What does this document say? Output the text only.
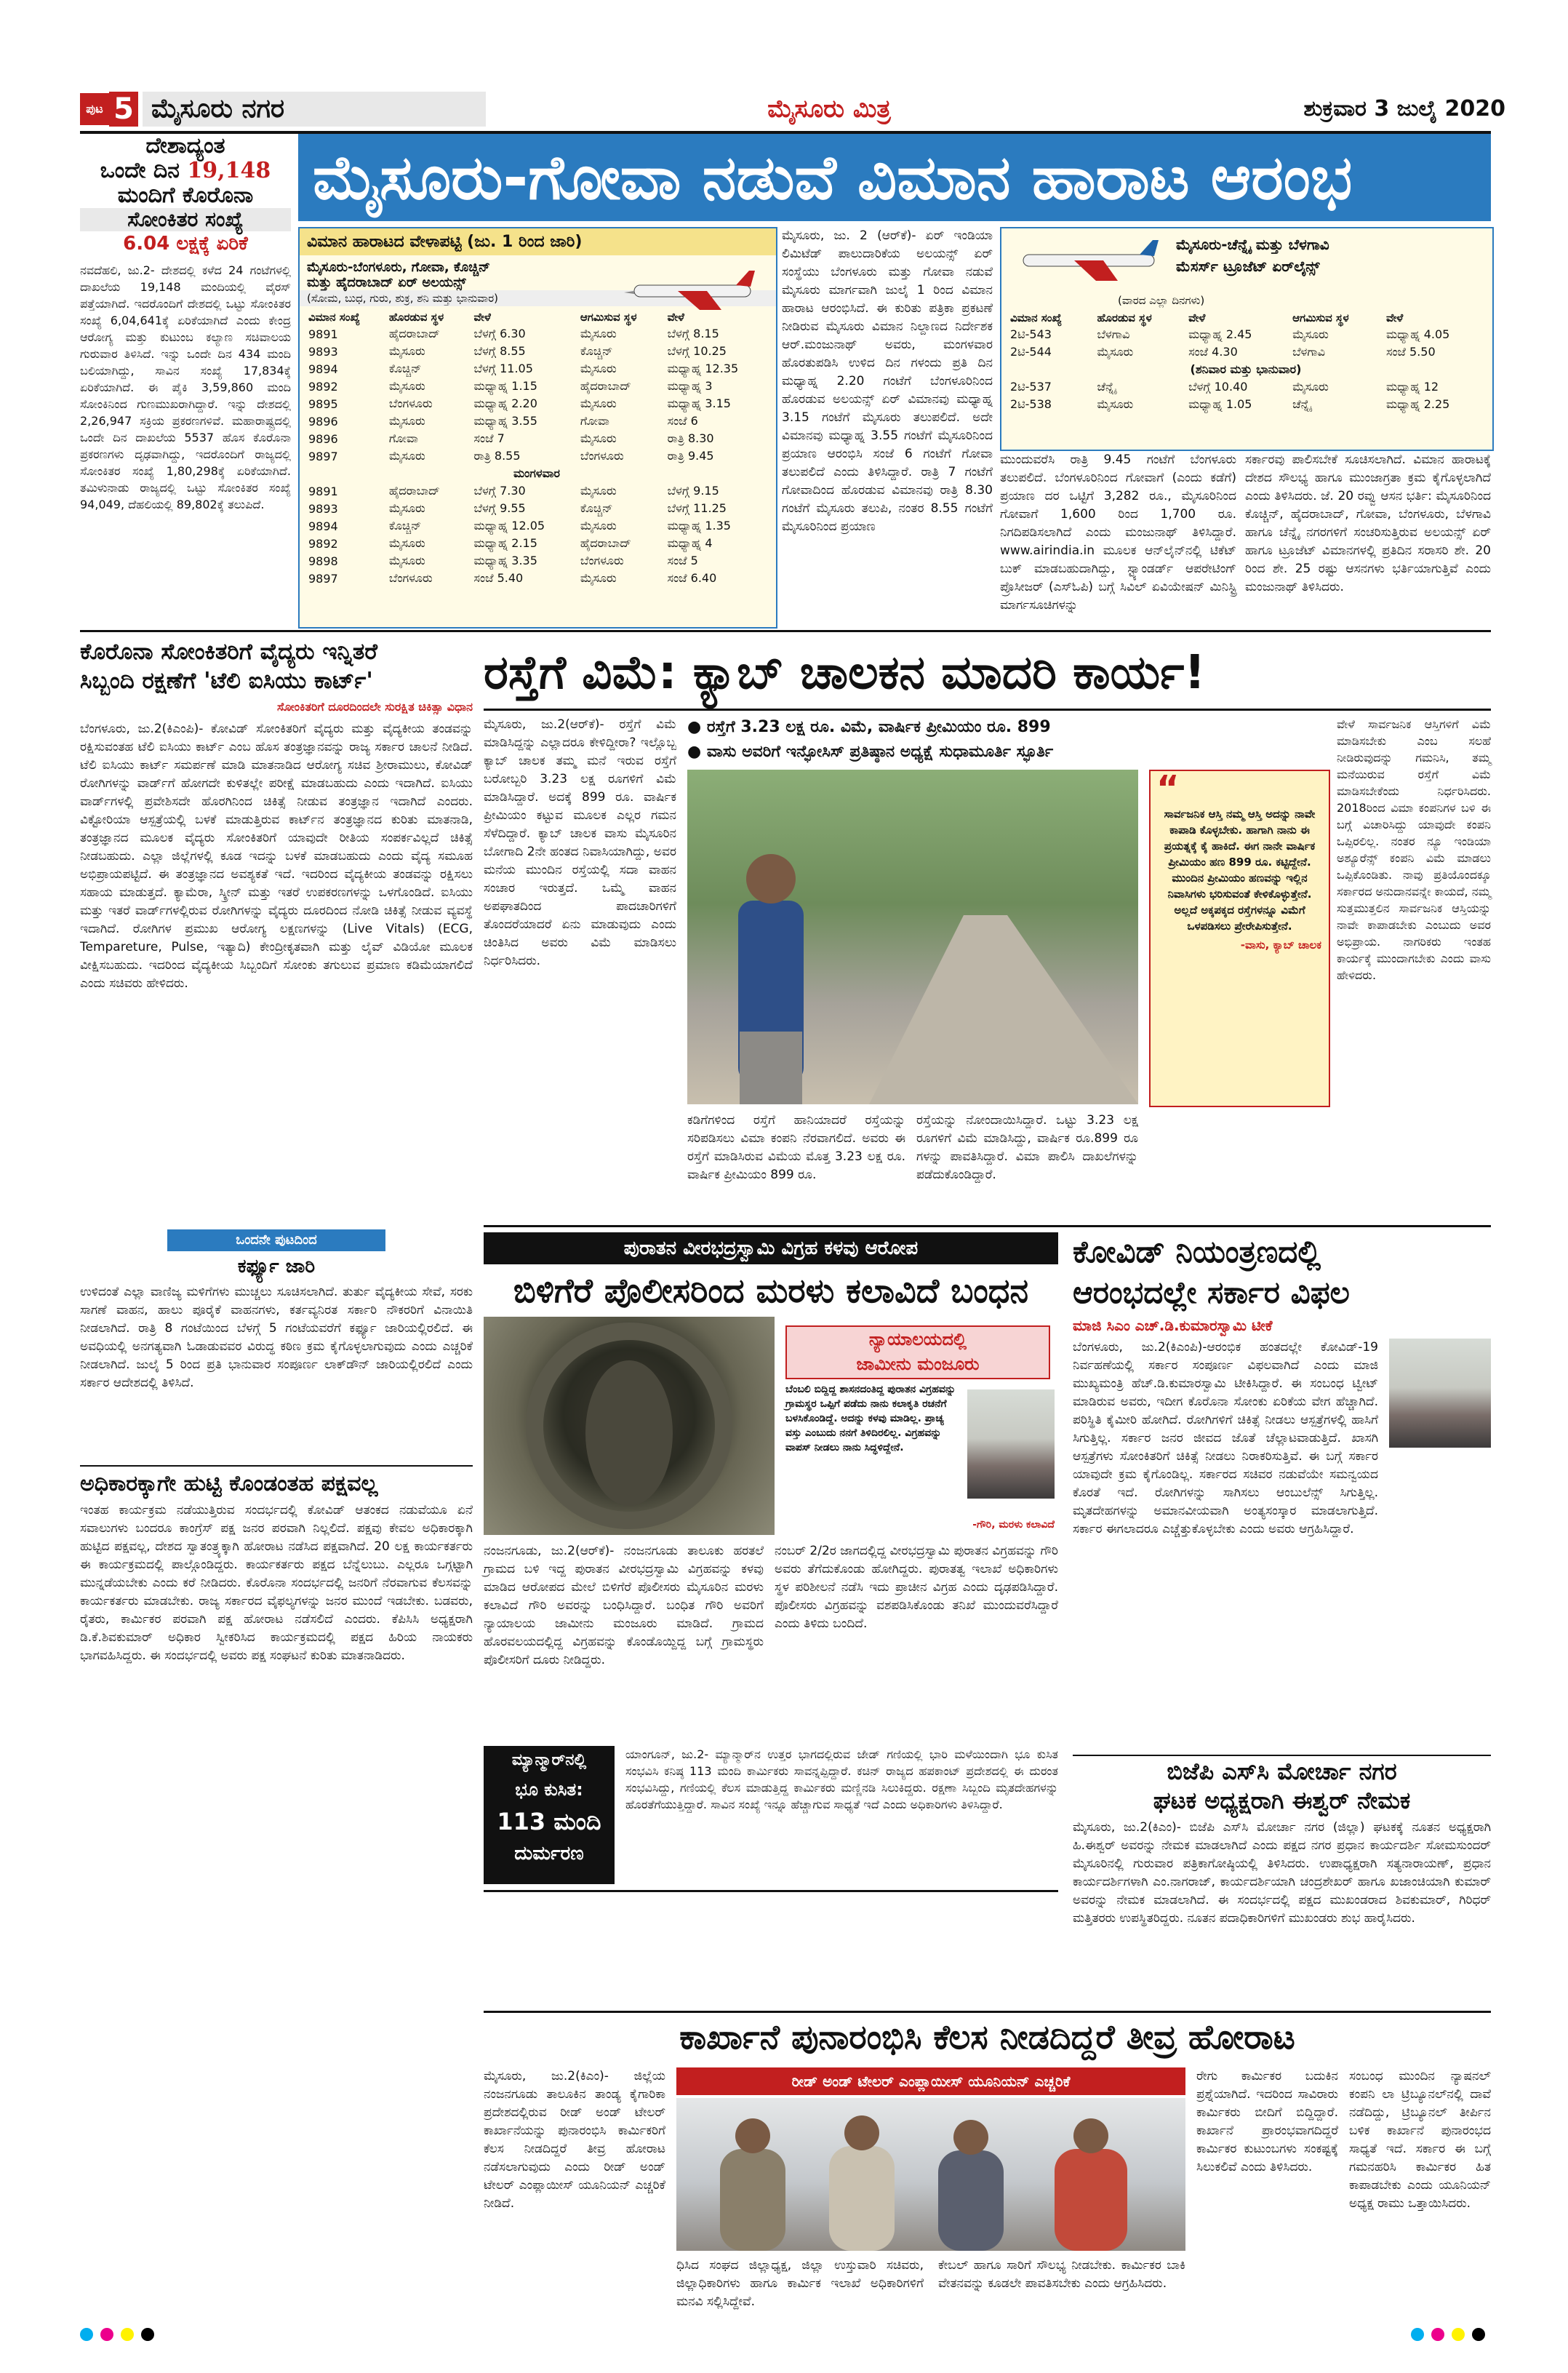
ಪುಟ 5 ಮೈಸೂರು ನಗರ	ಮೈಸೂರು ಮಿತ್ರ	ಶುಕ್ರವಾರ 3 ಜುಲೈ 2020
ದೇಶಾದ್ಯಂತ
ಒಂದೇ ದಿನ 19,148
ಮಂದಿಗೆ ಕೊರೊನಾ
ಸೋಂಕಿತರ ಸಂಖ್ಯೆ
6.04 ಲಕ್ಷಕ್ಕೆ ಏರಿಕೆ
ನವದೆಹಲಿ, ಜು.2- ದೇಶದಲ್ಲಿ ಕಳೆದ 24 ಗಂಟೆಗಳಲ್ಲಿ ದಾಖಲೆಯ 19,148 ಮಂದಿಯಲ್ಲಿ ವೈರಸ್ ಪತ್ತೆಯಾಗಿದೆ. ಇದರೊಂದಿಗೆ ದೇಶದಲ್ಲಿ ಒಟ್ಟು ಸೋಂಕಿತರ ಸಂಖ್ಯೆ 6,04,641ಕ್ಕೆ ಏರಿಕೆಯಾಗಿದೆ ಎಂದು ಕೇಂದ್ರ ಆರೋಗ್ಯ ಮತ್ತು ಕುಟುಂಬ ಕಲ್ಯಾಣ ಸಚಿವಾಲಯ ಗುರುವಾರ ತಿಳಿಸಿದೆ. ಇನ್ನು ಒಂದೇ ದಿನ 434 ಮಂದಿ ಬಲಿಯಾಗಿದ್ದು, ಸಾವಿನ ಸಂಖ್ಯೆ 17,834ಕ್ಕೆ ಏರಿಕೆಯಾಗಿದೆ. ಈ ಪೈಕಿ 3,59,860 ಮಂದಿ ಸೋಂಕಿನಿಂದ ಗುಣಮುಖರಾಗಿದ್ದಾರೆ. ಇನ್ನು ದೇಶದಲ್ಲಿ 2,26,947 ಸಕ್ರಿಯ ಪ್ರಕರಣಗಳಿವೆ. ಮಹಾರಾಷ್ಟ್ರದಲ್ಲಿ ಒಂದೇ ದಿನ ದಾಖಲೆಯ 5537 ಹೊಸ ಕೊರೊನಾ ಪ್ರಕರಣಗಳು ದೃಢವಾಗಿದ್ದು, ಇದರೊಂದಿಗೆ ರಾಜ್ಯದಲ್ಲಿ ಸೋಂಕಿತರ ಸಂಖ್ಯೆ 1,80,298ಕ್ಕೆ ಏರಿಕೆಯಾಗಿದೆ. ತಮಿಳುನಾಡು ರಾಜ್ಯದಲ್ಲಿ ಒಟ್ಟು ಸೋಂಕಿತರ ಸಂಖ್ಯೆ 94,049, ದೆಹಲಿಯಲ್ಲಿ 89,802ಕ್ಕೆ ತಲುಪಿದೆ.
ಮೈಸೂರು-ಗೋವಾ ನಡುವೆ ವಿಮಾನ ಹಾರಾಟ ಆರಂಭ
ವಿಮಾನ ಹಾರಾಟದ ವೇಳಾಪಟ್ಟಿ (ಜು. 1 ರಿಂದ ಜಾರಿ)
ಮೈಸೂರು-ಬೆಂಗಳೂರು, ಗೋವಾ, ಕೊಚ್ಚಿನ್
ಮತ್ತು ಹೈದರಾಬಾದ್ ಏರ್ ಅಲಯನ್ಸ್
(ಸೋಮ, ಬುಧ, ಗುರು, ಶುಕ್ರ, ಶನಿ ಮತ್ತು ಭಾನುವಾರ)
ವಿಮಾನ ಸಂಖ್ಯೆ	ಹೊರಡುವ ಸ್ಥಳ	ವೇಳೆ	ಆಗಮಿಸುವ ಸ್ಥಳ	ವೇಳೆ
9891	ಹೈದರಾಬಾದ್	ಬೆಳಗ್ಗೆ 6.30	ಮೈಸೂರು	ಬೆಳಗ್ಗೆ 8.15
9893	ಮೈಸೂರು	ಬೆಳಗ್ಗೆ 8.55	ಕೊಚ್ಚಿನ್	ಬೆಳಗ್ಗೆ 10.25
9894	ಕೊಚ್ಚಿನ್	ಬೆಳಗ್ಗೆ 11.05	ಮೈಸೂರು	ಮಧ್ಯಾಹ್ನ 12.35
9892	ಮೈಸೂರು	ಮಧ್ಯಾಹ್ನ 1.15	ಹೈದರಾಬಾದ್	ಮಧ್ಯಾಹ್ನ 3
9895	ಬೆಂಗಳೂರು	ಮಧ್ಯಾಹ್ನ 2.20	ಮೈಸೂರು	ಮಧ್ಯಾಹ್ನ 3.15
9896	ಮೈಸೂರು	ಮಧ್ಯಾಹ್ನ 3.55	ಗೋವಾ	ಸಂಜೆ 6
9896	ಗೋವಾ	ಸಂಜೆ 7	ಮೈಸೂರು	ರಾತ್ರಿ 8.30
9897	ಮೈಸೂರು	ರಾತ್ರಿ 8.55	ಬೆಂಗಳೂರು	ರಾತ್ರಿ 9.45
ಮಂಗಳವಾರ				
9891	ಹೈದರಾಬಾದ್	ಬೆಳಗ್ಗೆ 7.30	ಮೈಸೂರು	ಬೆಳಗ್ಗೆ 9.15
9893	ಮೈಸೂರು	ಬೆಳಗ್ಗೆ 9.55	ಕೊಚ್ಚಿನ್	ಬೆಳಗ್ಗೆ 11.25
9894	ಕೊಚ್ಚಿನ್	ಮಧ್ಯಾಹ್ನ 12.05	ಮೈಸೂರು	ಮಧ್ಯಾಹ್ನ 1.35
9892	ಮೈಸೂರು	ಮಧ್ಯಾಹ್ನ 2.15	ಹೈದರಾಬಾದ್	ಮಧ್ಯಾಹ್ನ 4
9898	ಮೈಸೂರು	ಮಧ್ಯಾಹ್ನ 3.35	ಬೆಂಗಳೂರು	ಸಂಜೆ 5
9897	ಬೆಂಗಳೂರು	ಸಂಜೆ 5.40	ಮೈಸೂರು	ಸಂಜೆ 6.40
ಮೈಸೂರು, ಜು. 2 (ಆರ್‌ಕೆ)- ಏರ್ ಇಂಡಿಯಾ ಲಿಮಿಟೆಡ್ ಪಾಲುದಾರಿಕೆಯ ಅಲಯನ್ಸ್ ಏರ್ ಸಂಸ್ಥೆಯು ಬೆಂಗಳೂರು ಮತ್ತು ಗೋವಾ ನಡುವೆ ಮೈಸೂರು ಮಾರ್ಗವಾಗಿ ಜುಲೈ 1 ರಿಂದ ವಿಮಾನ ಹಾರಾಟ ಆರಂಭಿಸಿದೆ. ಈ ಕುರಿತು ಪತ್ರಿಕಾ ಪ್ರಕಟಣೆ ನೀಡಿರುವ ಮೈಸೂರು ವಿಮಾನ ನಿಲ್ದಾಣದ ನಿರ್ದೇಶಕ ಆರ್.ಮಂಜುನಾಥ್ ಅವರು, ಮಂಗಳವಾರ ಹೊರತುಪಡಿಸಿ ಉಳಿದ ದಿನ ಗಳಂದು ಪ್ರತಿ ದಿನ ಮಧ್ಯಾಹ್ನ 2.20 ಗಂಟೆಗೆ ಬೆಂಗಳೂರಿನಿಂದ ಹೊರಡುವ ಅಲಯನ್ಸ್ ಏರ್ ವಿಮಾನವು ಮಧ್ಯಾಹ್ನ 3.15 ಗಂಟೆಗೆ ಮೈಸೂರು ತಲುಪಲಿದೆ. ಅದೇ ವಿಮಾನವು ಮಧ್ಯಾಹ್ನ 3.55 ಗಂಟೆಗೆ ಮೈಸೂರಿನಿಂದ ಪ್ರಯಾಣ ಆರಂಭಿಸಿ ಸಂಜೆ 6 ಗಂಟೆಗೆ ಗೋವಾ ತಲುಪಲಿದೆ ಎಂದು ತಿಳಿಸಿದ್ದಾರೆ. ರಾತ್ರಿ 7 ಗಂಟೆಗೆ ಗೋವಾದಿಂದ ಹೊರಡುವ ವಿಮಾನವು ರಾತ್ರಿ 8.30 ಗಂಟೆಗೆ ಮೈಸೂರು ತಲುಪಿ, ನಂತರ 8.55 ಗಂಟೆಗೆ ಮೈಸೂರಿನಿಂದ ಪ್ರಯಾಣ
ಮೈಸೂರು-ಚೆನ್ನೈ ಮತ್ತು ಬೆಳಗಾವಿ
ಮೆಸರ್ಸ್ ಟ್ರೂಜೆಟ್ ಏರ್‌ಲೈನ್ಸ್
(ವಾರದ ಎಲ್ಲಾ ದಿನಗಳು)
ವಿಮಾನ ಸಂಖ್ಯೆ	ಹೊರಡುವ ಸ್ಥಳ	ವೇಳೆ	ಆಗಮಿಸುವ ಸ್ಥಳ	ವೇಳೆ
2ಟಿ-543	ಬೆಳಗಾವಿ	ಮಧ್ಯಾಹ್ನ 2.45	ಮೈಸೂರು	ಮಧ್ಯಾಹ್ನ 4.05
2ಟಿ-544	ಮೈಸೂರು	ಸಂಜೆ 4.30	ಬೆಳಗಾವಿ	ಸಂಜೆ 5.50
(ಶನಿವಾರ ಮತ್ತು ಭಾನುವಾರ)				
2ಟಿ-537	ಚೆನ್ನೈ	ಬೆಳಗ್ಗೆ 10.40	ಮೈಸೂರು	ಮಧ್ಯಾಹ್ನ 12
2ಟಿ-538	ಮೈಸೂರು	ಮಧ್ಯಾಹ್ನ 1.05	ಚೆನ್ನೈ	ಮಧ್ಯಾಹ್ನ 2.25
ಮುಂದುವರೆಸಿ ರಾತ್ರಿ 9.45 ಗಂಟೆಗೆ ಬೆಂಗಳೂರು ತಲುಪಲಿದೆ. ಬೆಂಗಳೂರಿನಿಂದ ಗೋವಾಗೆ (ಎಂದು ಕಡೆಗೆ) ಪ್ರಯಾಣ ದರ ಒಟ್ಟಿಗೆ 3,282 ರೂ., ಮೈಸೂರಿನಿಂದ ಗೋವಾಗೆ 1,600 ರಿಂದ 1,700 ರೂ. ನಿಗದಿಪಡಿಸಲಾಗಿದೆ ಎಂದು ಮಂಜುನಾಥ್ ತಿಳಿಸಿದ್ದಾರೆ. www.airindia.in ಮೂಲಕ ಆನ್‌ಲೈನ್‌ನಲ್ಲಿ ಟಿಕೆಟ್ ಬುಕ್ ಮಾಡಬಹುದಾಗಿದ್ದು, ಸ್ಟ್ಯಾಂಡರ್ಡ್ ಆಪರೇಟಿಂಗ್ ಪ್ರೊಸೀಜರ್ (ಎಸ್‌ಓಪಿ) ಬಗ್ಗೆ ಸಿವಿಲ್ ಏವಿಯೇಷನ್ ಮಿನಿಸ್ಟ್ರಿ ಮಾರ್ಗಸೂಚಿಗಳನ್ನು
ಸರ್ಕಾರವು ಪಾಲಿಸಬೇಕೆ ಸೂಚಿಸಲಾಗಿದೆ. ವಿಮಾನ ಹಾರಾಟಕ್ಕೆ ದೇಶದ ಸೌಲಭ್ಯ ಹಾಗೂ ಮುಂಜಾಗ್ರತಾ ಕ್ರಮ ಕೈಗೊಳ್ಳಲಾಗಿದೆ ಎಂದು ತಿಳಿಸಿದರು. ಜೆ. 20 ರವ್ವು ಆಸನ ಭರ್ತಿ: ಮೈಸೂರಿನಿಂದ ಕೊಚ್ಚಿನ್, ಹೈದರಾಬಾದ್, ಗೋವಾ, ಬೆಂಗಳೂರು, ಬೆಳಗಾವಿ ಹಾಗೂ ಚೆನ್ನೈ ನಗರಗಳಿಗೆ ಸಂಚರಿಸುತ್ತಿರುವ ಅಲಯನ್ಸ್ ಏರ್ ಹಾಗೂ ಟ್ರೂಜೆಟ್ ವಿಮಾನಗಳಲ್ಲಿ ಪ್ರತಿದಿನ ಸರಾಸರಿ ಶೇ. 20 ರಿಂದ ಶೇ. 25 ರಷ್ಟು ಆಸನಗಳು ಭರ್ತಿಯಾಗುತ್ತಿವೆ ಎಂದು ಮಂಜುನಾಥ್ ತಿಳಿಸಿದರು.
ಕೊರೊನಾ ಸೋಂಕಿತರಿಗೆ ವೈದ್ಯರು ಇನ್ನಿತರೆ
ಸಿಬ್ಬಂದಿ ರಕ್ಷಣೆಗೆ 'ಟೆಲಿ ಐಸಿಯು ಕಾರ್ಟ್'
ಸೋಂಕಿತರಿಗೆ ದೂರದಿಂದಲೇ ಸುರಕ್ಷಿತ ಚಿಕಿತ್ಸಾ ವಿಧಾನ
ಬೆಂಗಳೂರು, ಜು.2(ಕಿಎಂಪಿ)- ಕೋವಿಡ್ ಸೋಂಕಿತರಿಗೆ ವೈದ್ಯರು ಮತ್ತು ವೈದ್ಯಕೀಯ ತಂಡವನ್ನು ರಕ್ಷಿಸುವಂತಹ ಟೆಲಿ ಐಸಿಯು ಕಾರ್ಟ್ ಎಂಬ ಹೊಸ ತಂತ್ರಜ್ಞಾನವನ್ನು ರಾಜ್ಯ ಸರ್ಕಾರ ಚಾಲನೆ ನೀಡಿದೆ. ಟೆಲಿ ಐಸಿಯು ಕಾರ್ಟ್ ಸಮರ್ಪಣೆ ಮಾಡಿ ಮಾತನಾಡಿದ ಆರೋಗ್ಯ ಸಚಿವ ಶ್ರೀರಾಮುಲು, ಕೋವಿಡ್ ರೋಗಿಗಳನ್ನು ವಾರ್ಡ್‌ಗೆ ಹೋಗದೇ ಕುಳಿತಲ್ಲೇ ಪರೀಕ್ಷೆ ಮಾಡಬಹುದು ಎಂದು ಇದಾಗಿದೆ. ಐಸಿಯು ವಾರ್ಡ್‌ಗಳಲ್ಲಿ ಪ್ರವೇಶಿಸದೇ ಹೊರಗಿನಿಂದ ಚಿಕಿತ್ಸೆ ನೀಡುವ ತಂತ್ರಜ್ಞಾನ ಇದಾಗಿದೆ ಎಂದರು. ವಿಕ್ಟೋರಿಯಾ ಆಸ್ಪತ್ರೆಯಲ್ಲಿ ಬಳಕೆ ಮಾಡುತ್ತಿರುವ ಕಾರ್ಟ್‌ನ ತಂತ್ರಜ್ಞಾನದ ಕುರಿತು ಮಾತನಾಡಿ, ತಂತ್ರಜ್ಞಾನದ ಮೂಲಕ ವೈದ್ಯರು ಸೋಂಕಿತರಿಗೆ ಯಾವುದೇ ರೀತಿಯ ಸಂಪರ್ಕವಿಲ್ಲದೆ ಚಿಕಿತ್ಸೆ ನೀಡಬಹುದು. ಎಲ್ಲಾ ಜಿಲ್ಲೆಗಳಲ್ಲಿ ಕೂಡ ಇದನ್ನು ಬಳಕೆ ಮಾಡಬಹುದು ಎಂದು ವೈದ್ಯ ಸಮೂಹ ಅಭಿಪ್ರಾಯಪಟ್ಟಿದೆ. ಈ ತಂತ್ರಜ್ಞಾನದ ಅವಶ್ಯಕತೆ ಇದೆ. ಇದರಿಂದ ವೈದ್ಯಕೀಯ ತಂಡವನ್ನು ರಕ್ಷಿಸಲು ಸಹಾಯ ಮಾಡುತ್ತದೆ. ಕ್ಯಾಮೆರಾ, ಸ್ಕ್ರೀನ್ ಮತ್ತು ಇತರೆ ಉಪಕರಣಗಳನ್ನು ಒಳಗೊಂಡಿದೆ. ಐಸಿಯು ಮತ್ತು ಇತರೆ ವಾರ್ಡ್‌ಗಳಲ್ಲಿರುವ ರೋಗಿಗಳನ್ನು ವೈದ್ಯರು ದೂರದಿಂದ ನೋಡಿ ಚಿಕಿತ್ಸೆ ನೀಡುವ ವ್ಯವಸ್ಥೆ ಇದಾಗಿದೆ. ರೋಗಿಗಳ ಪ್ರಮುಖ ಆರೋಗ್ಯ ಲಕ್ಷಣಗಳನ್ನು (Live Vitals) (ECG, Tempareture, Pulse, ಇತ್ಯಾದಿ) ಕೇಂದ್ರೀಕೃತವಾಗಿ ಮತ್ತು ಲೈವ್ ವಿಡಿಯೋ ಮೂಲಕ ವೀಕ್ಷಿಸಬಹುದು. ಇದರಿಂದ ವೈದ್ಯಕೀಯ ಸಿಬ್ಬಂದಿಗೆ ಸೋಂಕು ತಗುಲುವ ಪ್ರಮಾಣ ಕಡಿಮೆಯಾಗಲಿದೆ ಎಂದು ಸಚಿವರು ಹೇಳಿದರು.
ಒಂದನೇ ಪುಟದಿಂದ
ಕರ್ಫ್ಯೂ ಜಾರಿ
ಉಳಿದಂತೆ ಎಲ್ಲಾ ವಾಣಿಜ್ಯ ಮಳಿಗೆಗಳು ಮುಚ್ಚಲು ಸೂಚಿಸಲಾಗಿದೆ. ತುರ್ತು ವೈದ್ಯಕೀಯ ಸೇವೆ, ಸರಕು ಸಾಗಣೆ ವಾಹನ, ಹಾಲು ಪೂರೈಕೆ ವಾಹನಗಳು, ಕರ್ತವ್ಯನಿರತ ಸರ್ಕಾರಿ ನೌಕರರಿಗೆ ವಿನಾಯಿತಿ ನೀಡಲಾಗಿದೆ. ರಾತ್ರಿ 8 ಗಂಟೆಯಿಂದ ಬೆಳಗ್ಗೆ 5 ಗಂಟೆಯವರೆಗೆ ಕರ್ಫ್ಯೂ ಜಾರಿಯಲ್ಲಿರಲಿದೆ. ಈ ಅವಧಿಯಲ್ಲಿ ಅನಗತ್ಯವಾಗಿ ಓಡಾಡುವವರ ವಿರುದ್ಧ ಕಠಿಣ ಕ್ರಮ ಕೈಗೊಳ್ಳಲಾಗುವುದು ಎಂದು ಎಚ್ಚರಿಕೆ ನೀಡಲಾಗಿದೆ. ಜುಲೈ 5 ರಿಂದ ಪ್ರತಿ ಭಾನುವಾರ ಸಂಪೂರ್ಣ ಲಾಕ್‌ಡೌನ್ ಜಾರಿಯಲ್ಲಿರಲಿದೆ ಎಂದು ಸರ್ಕಾರ ಆದೇಶದಲ್ಲಿ ತಿಳಿಸಿದೆ.
ಅಧಿಕಾರಕ್ಕಾಗೇ ಹುಟ್ಟಿ ಕೊಂಡಂತಹ ಪಕ್ಷವಲ್ಲ
ಇಂತಹ ಕಾರ್ಯಕ್ರಮ ನಡೆಯುತ್ತಿರುವ ಸಂದರ್ಭದಲ್ಲಿ ಕೋವಿಡ್ ಆತಂಕದ ನಡುವೆಯೂ ಏನೆ ಸವಾಲುಗಳು ಬಂದರೂ ಕಾಂಗ್ರೆಸ್ ಪಕ್ಷ ಜನರ ಪರವಾಗಿ ನಿಲ್ಲಲಿದೆ. ಪಕ್ಷವು ಕೇವಲ ಅಧಿಕಾರಕ್ಕಾಗಿ ಹುಟ್ಟಿದ ಪಕ್ಷವಲ್ಲ, ದೇಶದ ಸ್ವಾತಂತ್ರ್ಯಕ್ಕಾಗಿ ಹೋರಾಟ ನಡೆಸಿದ ಪಕ್ಷವಾಗಿದೆ. 20 ಲಕ್ಷ ಕಾರ್ಯಕರ್ತರು ಈ ಕಾರ್ಯಕ್ರಮದಲ್ಲಿ ಪಾಲ್ಗೊಂಡಿದ್ದರು. ಕಾರ್ಯಕರ್ತರು ಪಕ್ಷದ ಬೆನ್ನೆಲುಬು. ಎಲ್ಲರೂ ಒಗ್ಗಟ್ಟಾಗಿ ಮುನ್ನಡೆಯಬೇಕು ಎಂದು ಕರೆ ನೀಡಿದರು. ಕೊರೊನಾ ಸಂದರ್ಭದಲ್ಲಿ ಜನರಿಗೆ ನೆರವಾಗುವ ಕೆಲಸವನ್ನು ಕಾರ್ಯಕರ್ತರು ಮಾಡಬೇಕು. ರಾಜ್ಯ ಸರ್ಕಾರದ ವೈಫಲ್ಯಗಳನ್ನು ಜನರ ಮುಂದೆ ಇಡಬೇಕು. ಬಡವರು, ರೈತರು, ಕಾರ್ಮಿಕರ ಪರವಾಗಿ ಪಕ್ಷ ಹೋರಾಟ ನಡೆಸಲಿದೆ ಎಂದರು. ಕೆಪಿಸಿಸಿ ಅಧ್ಯಕ್ಷರಾಗಿ ಡಿ.ಕೆ.ಶಿವಕುಮಾರ್ ಅಧಿಕಾರ ಸ್ವೀಕರಿಸಿದ ಕಾರ್ಯಕ್ರಮದಲ್ಲಿ ಪಕ್ಷದ ಹಿರಿಯ ನಾಯಕರು ಭಾಗವಹಿಸಿದ್ದರು. ಈ ಸಂದರ್ಭದಲ್ಲಿ ಅವರು ಪಕ್ಷ ಸಂಘಟನೆ ಕುರಿತು ಮಾತನಾಡಿದರು.
ರಸ್ತೆಗೆ ವಿಮೆ: ಕ್ಯಾಬ್ ಚಾಲಕನ ಮಾದರಿ ಕಾರ್ಯ!
ಮೈಸೂರು, ಜು.2(ಆರ್‌ಕೆ)- ರಸ್ತೆಗೆ ವಿಮೆ ಮಾಡಿಸಿದ್ದನ್ನು ಎಲ್ಲಾದರೂ ಕೇಳಿದ್ದೀರಾ? ಇಲ್ಲೊಬ್ಬ ಕ್ಯಾಬ್ ಚಾಲಕ ತಮ್ಮ ಮನೆ ಇರುವ ರಸ್ತೆಗೆ ಬರೋಬ್ಬರಿ 3.23 ಲಕ್ಷ ರೂಗಳಿಗೆ ವಿಮೆ ಮಾಡಿಸಿದ್ದಾರೆ. ಅದಕ್ಕೆ 899 ರೂ. ವಾರ್ಷಿಕ ಪ್ರೀಮಿಯಂ ಕಟ್ಟುವ ಮೂಲಕ ಎಲ್ಲರ ಗಮನ ಸೆಳೆದಿದ್ದಾರೆ. ಕ್ಯಾಬ್ ಚಾಲಕ ವಾಸು ಮೈಸೂರಿನ ಬೋಗಾದಿ 2ನೇ ಹಂತದ ನಿವಾಸಿಯಾಗಿದ್ದು, ಅವರ ಮನೆಯ ಮುಂದಿನ ರಸ್ತೆಯಲ್ಲಿ ಸದಾ ವಾಹನ ಸಂಚಾರ ಇರುತ್ತದೆ. ಒಮ್ಮೆ ವಾಹನ ಅಪಘಾತದಿಂದ ಪಾದಚಾರಿಗಳಿಗೆ ತೊಂದರೆಯಾದರೆ ಏನು ಮಾಡುವುದು ಎಂದು ಚಿಂತಿಸಿದ ಅವರು ವಿಮೆ ಮಾಡಿಸಲು ನಿರ್ಧರಿಸಿದರು.
● ರಸ್ತೆಗೆ 3.23 ಲಕ್ಷ ರೂ. ವಿಮೆ, ವಾರ್ಷಿಕ ಪ್ರೀಮಿಯಂ ರೂ. 899
● ವಾಸು ಅವರಿಗೆ ಇನ್ಫೋಸಿಸ್ ಪ್ರತಿಷ್ಠಾನ ಅಧ್ಯಕ್ಷೆ ಸುಧಾಮೂರ್ತಿ ಸ್ಫೂರ್ತಿ
ಕಡಿಗೆಗಳಿಂದ ರಸ್ತೆಗೆ ಹಾನಿಯಾದರೆ ರಸ್ತೆಯನ್ನು ಸರಿಪಡಿಸಲು ವಿಮಾ ಕಂಪನಿ ನೆರವಾಗಲಿದೆ. ಅವರು ಈ ರಸ್ತೆಗೆ ಮಾಡಿಸಿರುವ ವಿಮೆಯ ಮೊತ್ತ 3.23 ಲಕ್ಷ ರೂ. ವಾರ್ಷಿಕ ಪ್ರೀಮಿಯಂ 899 ರೂ.
ರಸ್ತೆಯನ್ನು ನೋಂದಾಯಿಸಿದ್ದಾರೆ. ಒಟ್ಟು 3.23 ಲಕ್ಷ ರೂಗಳಿಗೆ ವಿಮೆ ಮಾಡಿಸಿದ್ದು, ವಾರ್ಷಿಕ ರೂ.899 ರೂ ಗಳನ್ನು ಪಾವತಿಸಿದ್ದಾರೆ. ವಿಮಾ ಪಾಲಿಸಿ ದಾಖಲೆಗಳನ್ನು ಪಡೆದುಕೊಂಡಿದ್ದಾರೆ.
“
ಸಾರ್ವಜನಿಕ ಆಸ್ತಿ ನಮ್ಮ ಆಸ್ತಿ ಅದನ್ನು ನಾವೇ ಕಾಪಾಡಿ ಕೊಳ್ಳಬೇಕು. ಹಾಗಾಗಿ ನಾನು ಈ ಪ್ರಯತ್ನಕ್ಕೆ ಕೈ ಹಾಕಿದೆ. ಈಗ ನಾನೇ ವಾರ್ಷಿಕ ಪ್ರೀಮಿಯಂ ಹಣ 899 ರೂ. ಕಟ್ಟಿದ್ದೇನೆ. ಮುಂದಿನ ಪ್ರೀಮಿಯಂ ಹಣವನ್ನು ಇಲ್ಲಿನ ನಿವಾಸಿಗಳು ಭರಿಸುವಂತೆ ಕೇಳಿಕೊಳ್ಳುತ್ತೇನೆ. ಅಲ್ಲದೆ ಅಕ್ಕಪಕ್ಕದ ರಸ್ತೆಗಳನ್ನೂ ವಿಮೆಗೆ ಒಳಪಡಿಸಲು ಪ್ರೇರೇಪಿಸುತ್ತೇನೆ.
-ವಾಸು, ಕ್ಯಾಬ್ ಚಾಲಕ
ವೇಳೆ ಸಾರ್ವಜನಿಕ ಆಸ್ತಿಗಳಿಗೆ ವಿಮೆ ಮಾಡಿಸಬೇಕು ಎಂಬ ಸಲಹೆ ನೀಡಿರುವುದನ್ನು ಗಮನಿಸಿ, ತಮ್ಮ ಮನೆಯಿರುವ ರಸ್ತೆಗೆ ವಿಮೆ ಮಾಡಿಸಬೇಕೆಂದು ನಿರ್ಧರಿಸಿದರು. 2018ರಿಂದ ವಿಮಾ ಕಂಪನಿಗಳ ಬಳಿ ಈ ಬಗ್ಗೆ ವಿಚಾರಿಸಿದ್ದು ಯಾವುದೇ ಕಂಪನಿ ಒಪ್ಪಿರಲಿಲ್ಲ. ನಂತರ ನ್ಯೂ ಇಂಡಿಯಾ ಅಶ್ಯೂರೆನ್ಸ್ ಕಂಪನಿ ವಿಮೆ ಮಾಡಲು ಒಪ್ಪಿಕೊಂಡಿತು. ನಾವು ಪ್ರತಿಯೊಂದಕ್ಕೂ ಸರ್ಕಾರದ ಅನುದಾನವನ್ನೇ ಕಾಯದೆ, ನಮ್ಮ ಸುತ್ತಮುತ್ತಲಿನ ಸಾರ್ವಜನಿಕ ಆಸ್ತಿಯನ್ನು ನಾವೇ ಕಾಪಾಡಬೇಕು ಎಂಬುದು ಅವರ ಅಭಿಪ್ರಾಯ. ನಾಗರಿಕರು ಇಂತಹ ಕಾರ್ಯಕ್ಕೆ ಮುಂದಾಗಬೇಕು ಎಂದು ವಾಸು ಹೇಳಿದರು.
ಪುರಾತನ ವೀರಭದ್ರಸ್ವಾಮಿ ವಿಗ್ರಹ ಕಳವು ಆರೋಪ
ಬಿಳಿಗೆರೆ ಪೊಲೀಸರಿಂದ ಮರಳು ಕಲಾವಿದೆ ಬಂಧನ
ನ್ಯಾಯಾಲಯದಲ್ಲಿ
ಜಾಮೀನು ಮಂಜೂರು
ಬೆಂಬಲಿ ಬಿದ್ದಿದ್ದ ಶಾಸನದಂತಿದ್ದ ಪುರಾತನ ವಿಗ್ರಹವನ್ನು ಗ್ರಾಮಸ್ಥರ ಒಪ್ಪಿಗೆ ಪಡೆದು ನಾನು ಕಲಾಕೃತಿ ರಚನೆಗೆ ಬಳಸಿಕೊಂಡಿದ್ದೆ. ಅದನ್ನು ಕಳವು ಮಾಡಿಲ್ಲ. ಪ್ರಾಚ್ಯ ವಸ್ತು ಎಂಬುದು ನನಗೆ ತಿಳಿದಿರಲಿಲ್ಲ. ವಿಗ್ರಹವನ್ನು ವಾಪಸ್ ನೀಡಲು ನಾನು ಸಿದ್ಧಳಿದ್ದೇನೆ.
-ಗೌರಿ, ಮರಳು ಕಲಾವಿದೆ
ನಂಜನಗೂಡು, ಜು.2(ಆರ್‌ಕೆ)- ನಂಜನಗೂಡು ತಾಲೂಕು ಹರತಲೆ ಗ್ರಾಮದ ಬಳಿ ಇದ್ದ ಪುರಾತನ ವೀರಭದ್ರಸ್ವಾಮಿ ವಿಗ್ರಹವನ್ನು ಕಳವು ಮಾಡಿದ ಆರೋಪದ ಮೇಲೆ ಬಿಳಿಗೆರೆ ಪೊಲೀಸರು ಮೈಸೂರಿನ ಮರಳು ಕಲಾವಿದೆ ಗೌರಿ ಅವರನ್ನು ಬಂಧಿಸಿದ್ದಾರೆ. ಬಂಧಿತ ಗೌರಿ ಅವರಿಗೆ ನ್ಯಾಯಾಲಯ ಜಾಮೀನು ಮಂಜೂರು ಮಾಡಿದೆ. ಗ್ರಾಮದ ಹೊರವಲಯದಲ್ಲಿದ್ದ ವಿಗ್ರಹವನ್ನು ಕೊಂಡೊಯ್ದಿದ್ದ ಬಗ್ಗೆ ಗ್ರಾಮಸ್ಥರು ಪೊಲೀಸರಿಗೆ ದೂರು ನೀಡಿದ್ದರು.
ನಂಬರ್ 2/2ರ ಜಾಗದಲ್ಲಿದ್ದ ವೀರಭದ್ರಸ್ವಾಮಿ ಪುರಾತನ ವಿಗ್ರಹವನ್ನು ಗೌರಿ ಅವರು ತೆಗೆದುಕೊಂಡು ಹೋಗಿದ್ದರು. ಪುರಾತತ್ವ ಇಲಾಖೆ ಅಧಿಕಾರಿಗಳು ಸ್ಥಳ ಪರಿಶೀಲನೆ ನಡೆಸಿ ಇದು ಪ್ರಾಚೀನ ವಿಗ್ರಹ ಎಂದು ದೃಢಪಡಿಸಿದ್ದಾರೆ. ಪೊಲೀಸರು ವಿಗ್ರಹವನ್ನು ವಶಪಡಿಸಿಕೊಂಡು ತನಿಖೆ ಮುಂದುವರೆಸಿದ್ದಾರೆ ಎಂದು ತಿಳಿದು ಬಂದಿದೆ.
ಮ್ಯಾನ್ಮಾರ್‌ನಲ್ಲಿ
ಭೂ ಕುಸಿತ:
113 ಮಂದಿ
ದುರ್ಮರಣ
ಯಾಂಗೂನ್, ಜು.2- ಮ್ಯಾನ್ಮಾರ್‌ನ ಉತ್ತರ ಭಾಗದಲ್ಲಿರುವ ಜೇಡ್ ಗಣಿಯಲ್ಲಿ ಭಾರಿ ಮಳೆಯಿಂದಾಗಿ ಭೂ ಕುಸಿತ ಸಂಭವಿಸಿ ಕನಿಷ್ಠ 113 ಮಂದಿ ಕಾರ್ಮಿಕರು ಸಾವನ್ನಪ್ಪಿದ್ದಾರೆ. ಕಚಿನ್ ರಾಜ್ಯದ ಹಪಕಾಂಟ್ ಪ್ರದೇಶದಲ್ಲಿ ಈ ದುರಂತ ಸಂಭವಿಸಿದ್ದು, ಗಣಿಯಲ್ಲಿ ಕೆಲಸ ಮಾಡುತ್ತಿದ್ದ ಕಾರ್ಮಿಕರು ಮಣ್ಣಿನಡಿ ಸಿಲುಕಿದ್ದರು. ರಕ್ಷಣಾ ಸಿಬ್ಬಂದಿ ಮೃತದೇಹಗಳನ್ನು ಹೊರತೆಗೆಯುತ್ತಿದ್ದಾರೆ. ಸಾವಿನ ಸಂಖ್ಯೆ ಇನ್ನೂ ಹೆಚ್ಚಾಗುವ ಸಾಧ್ಯತೆ ಇದೆ ಎಂದು ಅಧಿಕಾರಿಗಳು ತಿಳಿಸಿದ್ದಾರೆ.
ಕೋವಿಡ್ ನಿಯಂತ್ರಣದಲ್ಲಿ
ಆರಂಭದಲ್ಲೇ ಸರ್ಕಾರ ವಿಫಲ
ಮಾಜಿ ಸಿಎಂ ಎಚ್.ಡಿ.ಕುಮಾರಸ್ವಾಮಿ ಟೀಕೆ
ಬೆಂಗಳೂರು, ಜು.2(ಕಿಎಂಪಿ)-ಆರಂಭಿಕ ಹಂತದಲ್ಲೇ ಕೋವಿಡ್-19 ನಿರ್ವಹಣೆಯಲ್ಲಿ ಸರ್ಕಾರ ಸಂಪೂರ್ಣ ವಿಫಲವಾಗಿದೆ ಎಂದು ಮಾಜಿ ಮುಖ್ಯಮಂತ್ರಿ ಹೆಚ್.ಡಿ.ಕುಮಾರಸ್ವಾಮಿ ಟೀಕಿಸಿದ್ದಾರೆ. ಈ ಸಂಬಂಧ ಟ್ವೀಟ್ ಮಾಡಿರುವ ಅವರು, ಇದೀಗ ಕೊರೊನಾ ಸೋಂಕು ಏರಿಕೆಯ ವೇಗ ಹೆಚ್ಚಾಗಿದೆ. ಪರಿಸ್ಥಿತಿ ಕೈಮೀರಿ ಹೋಗಿದೆ. ರೋಗಿಗಳಿಗೆ ಚಿಕಿತ್ಸೆ ನೀಡಲು ಆಸ್ಪತ್ರೆಗಳಲ್ಲಿ ಹಾಸಿಗೆ ಸಿಗುತ್ತಿಲ್ಲ. ಸರ್ಕಾರ ಜನರ ಜೀವದ ಜೊತೆ ಚೆಲ್ಲಾಟವಾಡುತ್ತಿದೆ. ಖಾಸಗಿ ಆಸ್ಪತ್ರೆಗಳು ಸೋಂಕಿತರಿಗೆ ಚಿಕಿತ್ಸೆ ನೀಡಲು ನಿರಾಕರಿಸುತ್ತಿವೆ. ಈ ಬಗ್ಗೆ ಸರ್ಕಾರ ಯಾವುದೇ ಕ್ರಮ ಕೈಗೊಂಡಿಲ್ಲ. ಸರ್ಕಾರದ ಸಚಿವರ ನಡುವೆಯೇ ಸಮನ್ವಯದ ಕೊರತೆ ಇದೆ. ರೋಗಿಗಳನ್ನು ಸಾಗಿಸಲು ಆಂಬುಲೆನ್ಸ್ ಸಿಗುತ್ತಿಲ್ಲ. ಮೃತದೇಹಗಳನ್ನು ಅಮಾನವೀಯವಾಗಿ ಅಂತ್ಯಸಂಸ್ಕಾರ ಮಾಡಲಾಗುತ್ತಿದೆ. ಸರ್ಕಾರ ಈಗಲಾದರೂ ಎಚ್ಚೆತ್ತುಕೊಳ್ಳಬೇಕು ಎಂದು ಅವರು ಆಗ್ರಹಿಸಿದ್ದಾರೆ.
ಬಿಜೆಪಿ ಎಸ್‌ಸಿ ಮೋರ್ಚಾ ನಗರ
ಘಟಕ ಅಧ್ಯಕ್ಷರಾಗಿ ಈಶ್ವರ್ ನೇಮಕ
ಮೈಸೂರು, ಜು.2(ಕಿಎಂ)- ಬಿಜೆಪಿ ಎಸ್‌ಸಿ ಮೋರ್ಚಾ ನಗರ (ಜಿಲ್ಲಾ) ಘಟಕಕ್ಕೆ ನೂತನ ಅಧ್ಯಕ್ಷರಾಗಿ ಹಿ.ಈಶ್ವರ್ ಅವರನ್ನು ನೇಮಕ ಮಾಡಲಾಗಿದೆ ಎಂದು ಪಕ್ಷದ ನಗರ ಪ್ರಧಾನ ಕಾರ್ಯದರ್ಶಿ ಸೋಮಸುಂದರ್ ಮೈಸೂರಿನಲ್ಲಿ ಗುರುವಾರ ಪತ್ರಿಕಾಗೋಷ್ಠಿಯಲ್ಲಿ ತಿಳಿಸಿದರು. ಉಪಾಧ್ಯಕ್ಷರಾಗಿ ಸತ್ಯನಾರಾಯಣ್, ಪ್ರಧಾನ ಕಾರ್ಯದರ್ಶಿಗಳಾಗಿ ಎಂ.ನಾಗರಾಜ್, ಕಾರ್ಯದರ್ಶಿಯಾಗಿ ಚಂದ್ರಶೇಖರ್ ಹಾಗೂ ಖಜಾಂಚಿಯಾಗಿ ಕುಮಾರ್ ಅವರನ್ನು ನೇಮಕ ಮಾಡಲಾಗಿದೆ. ಈ ಸಂದರ್ಭದಲ್ಲಿ ಪಕ್ಷದ ಮುಖಂಡರಾದ ಶಿವಕುಮಾರ್, ಗಿರಿಧರ್ ಮತ್ತಿತರರು ಉಪಸ್ಥಿತರಿದ್ದರು. ನೂತನ ಪದಾಧಿಕಾರಿಗಳಿಗೆ ಮುಖಂಡರು ಶುಭ ಹಾರೈಸಿದರು.
ಕಾರ್ಖಾನೆ ಪುನಾರಂಭಿಸಿ ಕೆಲಸ ನೀಡದಿದ್ದರೆ ತೀವ್ರ ಹೋರಾಟ
ಮೈಸೂರು, ಜು.2(ಕಿಎಂ)- ಜಿಲ್ಲೆಯ ನಂಜನಗೂಡು ತಾಲೂಕಿನ ತಾಂಡ್ಯ ಕೈಗಾರಿಕಾ ಪ್ರದೇಶದಲ್ಲಿರುವ ರೀಡ್ ಅಂಡ್ ಟೇಲರ್ ಕಾರ್ಖಾನೆಯನ್ನು ಪುನಾರಂಭಿಸಿ ಕಾರ್ಮಿಕರಿಗೆ ಕೆಲಸ ನೀಡದಿದ್ದರೆ ತೀವ್ರ ಹೋರಾಟ ನಡೆಸಲಾಗುವುದು ಎಂದು ರೀಡ್ ಅಂಡ್ ಟೇಲರ್ ಎಂಪ್ಲಾಯೀಸ್ ಯೂನಿಯನ್ ಎಚ್ಚರಿಕೆ ನೀಡಿದೆ.
ರೀಡ್ ಅಂಡ್ ಟೇಲರ್ ಎಂಪ್ಲಾಯೀಸ್ ಯೂನಿಯನ್ ಎಚ್ಚರಿಕೆ
ಧಿಸಿದ ಸಂಘದ ಜಿಲ್ಲಾಧ್ಯಕ್ಷ, ಜಿಲ್ಲಾ ಉಸ್ತುವಾರಿ ಸಚಿವರು, ಜಿಲ್ಲಾಧಿಕಾರಿಗಳು ಹಾಗೂ ಕಾರ್ಮಿಕ ಇಲಾಖೆ ಅಧಿಕಾರಿಗಳಿಗೆ ಮನವಿ ಸಲ್ಲಿಸಿದ್ದೇವೆ.
ಕೇಬಲ್ ಹಾಗೂ ಸಾರಿಗೆ ಸೌಲಭ್ಯ ನೀಡಬೇಕು. ಕಾರ್ಮಿಕರ ಬಾಕಿ ವೇತನವನ್ನು ಕೂಡಲೇ ಪಾವತಿಸಬೇಕು ಎಂದು ಆಗ್ರಹಿಸಿದರು.
ರೇಗು ಕಾರ್ಮಿಕರ ಬದುಕಿನ ಪ್ರಶ್ನೆಯಾಗಿದೆ. ಇದರಿಂದ ಸಾವಿರಾರು ಕಾರ್ಮಿಕರು ಬೀದಿಗೆ ಬಿದ್ದಿದ್ದಾರೆ. ಕಾರ್ಖಾನೆ ಪ್ರಾರಂಭವಾಗದಿದ್ದರೆ ಕಾರ್ಮಿಕರ ಕುಟುಂಬಗಳು ಸಂಕಷ್ಟಕ್ಕೆ ಸಿಲುಕಲಿವೆ ಎಂದು ತಿಳಿಸಿದರು.
ಸಂಬಂಧ ಮುಂದಿನ ನ್ಯಾಷನಲ್ ಕಂಪನಿ ಲಾ ಟ್ರಿಬ್ಯೂನಲ್‌ನಲ್ಲಿ ದಾವೆ ನಡೆದಿದ್ದು, ಟ್ರಿಬ್ಯೂನಲ್ ತೀರ್ಪಿನ ಬಳಿಕ ಕಾರ್ಖಾನೆ ಪುನಾರಂಭದ ಸಾಧ್ಯತೆ ಇದೆ. ಸರ್ಕಾರ ಈ ಬಗ್ಗೆ ಗಮನಹರಿಸಿ ಕಾರ್ಮಿಕರ ಹಿತ ಕಾಪಾಡಬೇಕು ಎಂದು ಯೂನಿಯನ್ ಅಧ್ಯಕ್ಷ ರಾಮು ಒತ್ತಾಯಿಸಿದರು.
